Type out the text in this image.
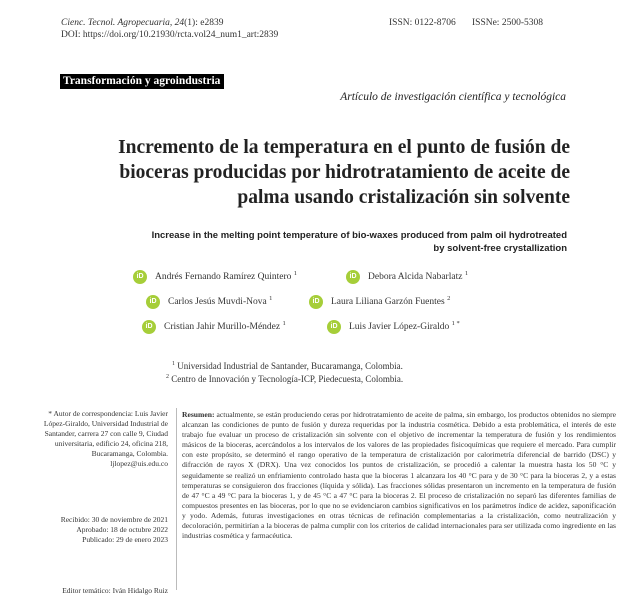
Cienc. Tecnol. Agropecuaria, 24(1): e2839
DOI: https://doi.org/10.21930/rcta.vol24_num1_art:2839
ISSN: 0122-8706 ISSNe: 2500-5308
Transformación y agroindustria
Artículo de investigación científica y tecnológica
Incremento de la temperatura en el punto de fusión de bioceras producidas por hidrotratamiento de aceite de palma usando cristalización sin solvente
Increase in the melting point temperature of bio-waxes produced from palm oil hydrotreated
by solvent-free crystallization
iD Andrés Fernando Ramírez Quintero $^1$	iD Debora Alcida Nabarlatz $^1$
iD Carlos Jesús Muvdi-Nova $^1$	iD Laura Liliana Garzón Fuentes $^2$
iD Cristian Jahir Murillo-Méndez $^1$	iD Luis Javier López-Giraldo $^{1 *}$
$^1$ Universidad Industrial de Santander, Bucaramanga, Colombia.
$^2$ Centro de Innovación y Tecnología-ICP, Piedecuesta, Colombia.
* Autor de correspondencia: Luis Javier
López-Giraldo, Universidad Industrial de
Santander, carrera 27 con calle 9, Ciudad
universitaria, edificio 24, oficina 218,
Bucaramanga, Colombia.
ljlopez@uis.edu.co
Recibido: 30 de noviembre de 2021
Aprobado: 18 de octubre 2022
Publicado: 29 de enero 2023
Editor temático: Iván Hidalgo Ruiz
Resumen: actualmente, se están produciendo ceras por hidrotratamiento de aceite de palma, sin embargo, los productos obtenidos no siempre alcanzan las condiciones de punto de fusión y dureza requeridas por la industria cosmética. Debido a esta problemática, el interés de este trabajo fue evaluar un proceso de cristalización sin solvente con el objetivo de incrementar la temperatura de fusión y los rendimientos másicos de la bioceras, acercándolos a los intervalos de los valores de las propiedades fisicoquímicas que requiere el mercado. Para cumplir con este propósito, se determinó el rango operativo de la temperatura de cristalización por calorimetría diferencial de barrido (DSC) y difracción de rayos X (DRX). Una vez conocidos los puntos de cristalización, se procedió a calentar la muestra hasta los 50 °C y seguidamente se realizó un enfriamiento controlado hasta que la bioceras 1 alcanzara los 40 °C para y de 30 °C para la bioceras 2, y a estas temperaturas se consiguieron dos fracciones (líquida y sólida). Las fracciones sólidas presentaron un incremento en la temperatura de fusión de 47 °C a 49 °C para la bioceras 1, y de 45 °C a 47 °C para la bioceras 2. El proceso de cristalización no separó las diferentes familias de compuestos presentes en las bioceras, por lo que no se evidenciaron cambios significativos en los parámetros índice de acidez, saponificación y yodo. Además, futuras investigaciones en otras técnicas de refinación complementarias a la cristalización, como neutralización y decoloración, permitirían a la bioceras de palma cumplir con los criterios de calidad internacionales para ser utilizada como ingrediente en las industrias cosmética y farmacéutica.
